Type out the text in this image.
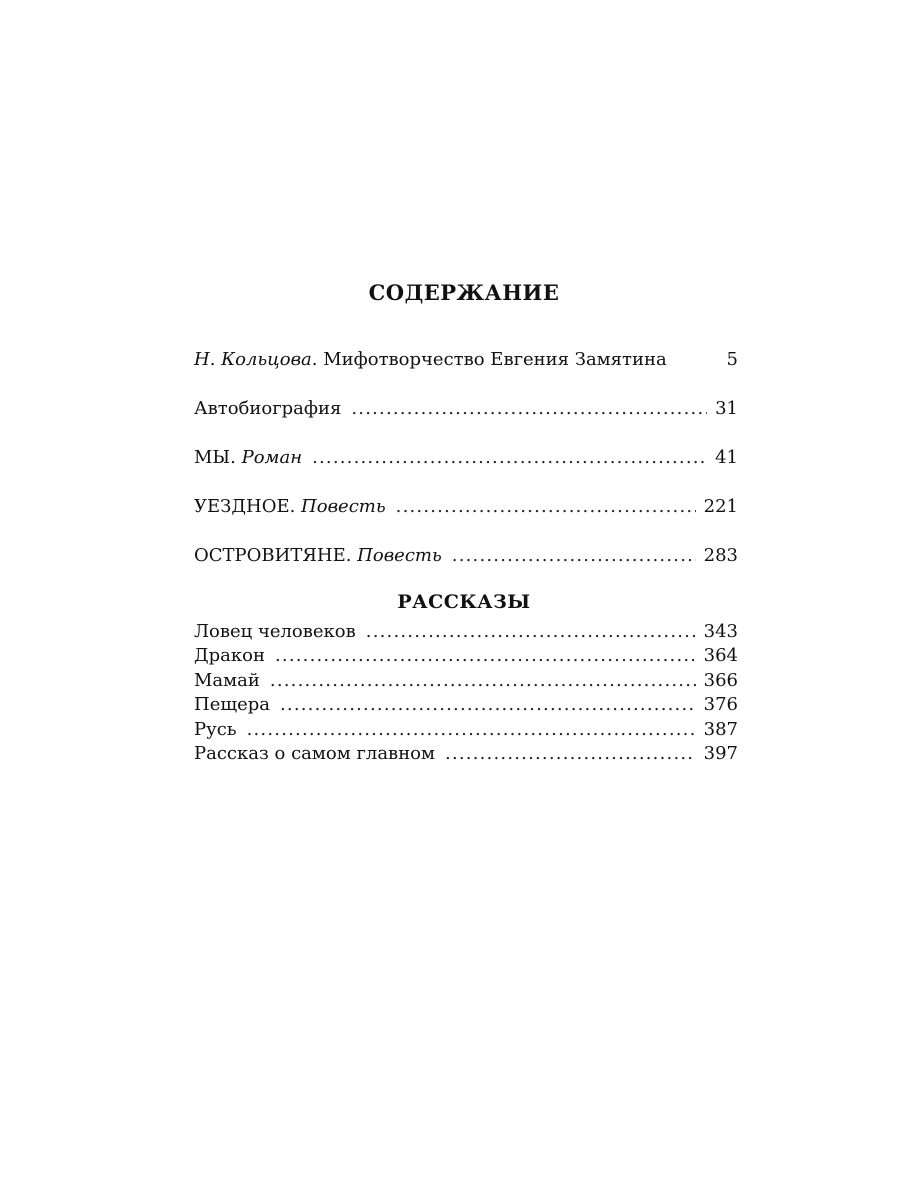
СОДЕРЖАНИЕ
Н. Кольцова. Мифотворчество Евгения Замятина	5
Автобиография .....	31
МЫ. Роман .....	41
УЕЗДНОЕ. Повесть .....	221
ОСТРОВИТЯНЕ. Повесть .....	283
РАССКАЗЫ
Ловец человеков .....	343
Дракон .....	364
Мамай .....	366
Пещера .....	376
Русь .....	387
Рассказ о самом главном .....	397
